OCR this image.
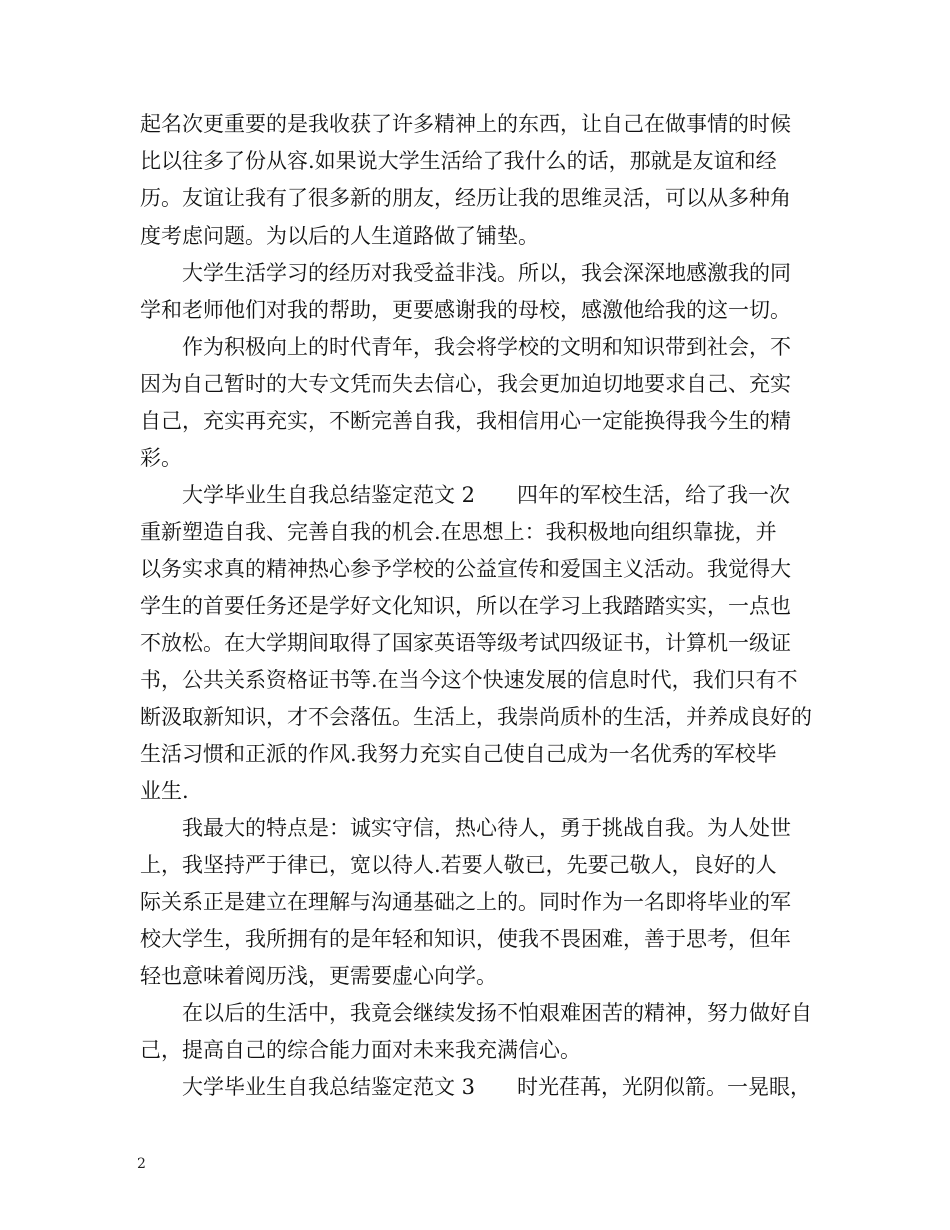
起名次更重要的是我收获了许多精神上的东西，让自己在做事情的时候
比以往多了份从容.如果说大学生活给了我什么的话，那就是友谊和经
历。友谊让我有了很多新的朋友，经历让我的思维灵活，可以从多种角
度考虑问题。为以后的人生道路做了铺垫。
大学生活学习的经历对我受益非浅。所以，我会深深地感激我的同
学和老师他们对我的帮助，更要感谢我的母校，感激他给我的这一切。
作为积极向上的时代青年，我会将学校的文明和知识带到社会，不
因为自己暂时的大专文凭而失去信心，我会更加迫切地要求自己、充实
自己，充实再充实，不断完善自我，我相信用心一定能换得我今生的精
彩。
大学毕业生自我总结鉴定范文 2　　四年的军校生活，给了我一次
重新塑造自我、完善自我的机会.在思想上：我积极地向组织靠拢，并
以务实求真的精神热心参予学校的公益宣传和爱国主义活动。我觉得大
学生的首要任务还是学好文化知识，所以在学习上我踏踏实实，一点也
不放松。在大学期间取得了国家英语等级考试四级证书，计算机一级证
书，公共关系资格证书等.在当今这个快速发展的信息时代，我们只有不
断汲取新知识，才不会落伍。生活上，我崇尚质朴的生活，并养成良好的
生活习惯和正派的作风.我努力充实自己使自己成为一名优秀的军校毕
业生.
我最大的特点是：诚实守信，热心待人，勇于挑战自我。为人处世
上，我坚持严于律已，宽以待人.若要人敬已，先要己敬人，良好的人
际关系正是建立在理解与沟通基础之上的。同时作为一名即将毕业的军
校大学生，我所拥有的是年轻和知识，使我不畏困难，善于思考，但年
轻也意味着阅历浅，更需要虚心向学。
在以后的生活中，我竟会继续发扬不怕艰难困苦的精神，努力做好自
己，提高自己的综合能力面对未来我充满信心。
大学毕业生自我总结鉴定范文 3　　时光荏苒，光阴似箭。一晃眼，
2
